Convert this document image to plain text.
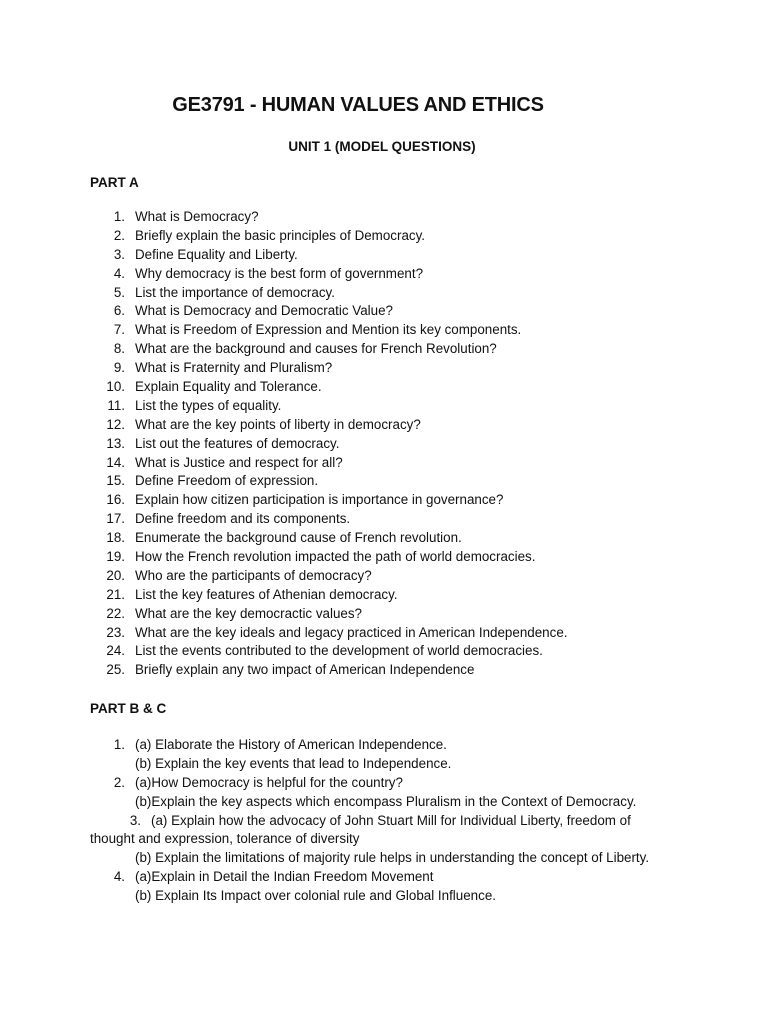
GE3791 - HUMAN VALUES AND ETHICS
UNIT 1 (MODEL QUESTIONS)
PART A
1. What is Democracy?
2. Briefly explain the basic principles of Democracy.
3. Define Equality and Liberty.
4. Why democracy is the best form of government?
5. List the importance of democracy.
6. What is Democracy and Democratic Value?
7. What is Freedom of Expression and Mention its key components.
8. What are the background and causes for French Revolution?
9. What is Fraternity and Pluralism?
10. Explain Equality and Tolerance.
11. List the types of equality.
12. What are the key points of liberty in democracy?
13. List out the features of democracy.
14. What is Justice and respect for all?
15. Define Freedom of expression.
16. Explain how citizen participation is importance in governance?
17. Define freedom and its components.
18. Enumerate the background cause of French revolution.
19. How the French revolution impacted the path of world democracies.
20. Who are the participants of democracy?
21. List the key features of Athenian democracy.
22. What are the key democractic values?
23. What are the key ideals and legacy practiced in American Independence.
24. List the events contributed to the development of world democracies.
25. Briefly explain any two impact of American Independence
PART B & C
1. (a) Elaborate the History of American Independence.
(b) Explain the key events that lead to Independence.
2. (a)How Democracy is helpful for the country?
(b)Explain the key aspects which encompass Pluralism in the Context of Democracy.
3. (a) Explain how the advocacy of John Stuart Mill for Individual Liberty, freedom of
thought and expression, tolerance of diversity
(b) Explain the limitations of majority rule helps in understanding the concept of Liberty.
4. (a)Explain in Detail the Indian Freedom Movement
(b) Explain Its Impact over colonial rule and Global Influence.
